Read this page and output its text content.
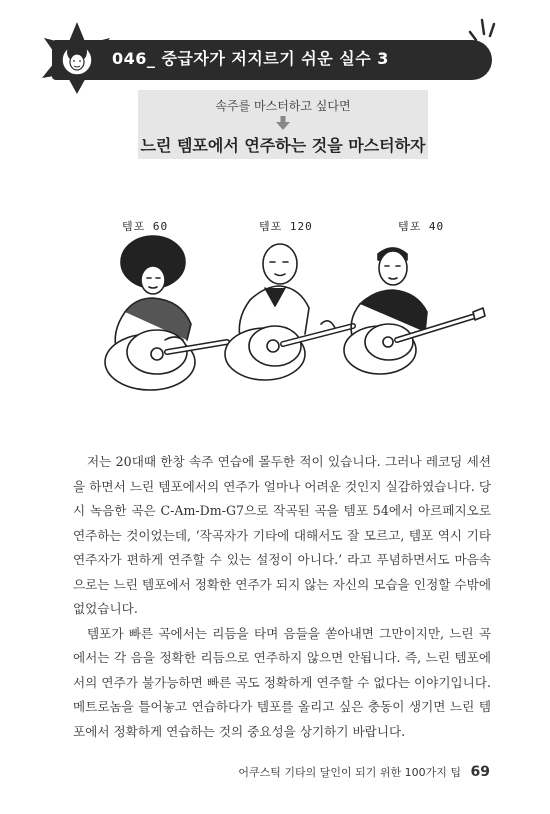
046_ 중급자가 저지르기 쉬운 실수 3
속주를 마스터하고 싶다면
느린 템포에서 연주하는 것을 마스터하자
템포 60	템포 120	템포 40

저는 20대때 한창 속주 연습에 몰두한 적이 있습니다. 그러나 레코딩 세션을 하면서 느린 템포에서의 연주가 얼마나 어려운 것인지 실감하였습니다. 당시 녹음한 곡은 C-Am-Dm-G7으로 작곡된 곡을 템포 54에서 아르페지오로 연주하는 것이었는데, ‘작곡자가 기타에 대해서도 잘 모르고, 템포 역시 기타 연주자가 편하게 연주할 수 있는 설정이 아니다.’ 라고 푸념하면서도 마음속으로는 느린 템포에서 정확한 연주가 되지 않는 자신의 모습을 인정할 수밖에 없었습니다.

템포가 빠른 곡에서는 리듬을 타며 음들을 쏟아내면 그만이지만, 느린 곡에서는 각 음을 정확한 리듬으로 연주하지 않으면 안됩니다. 즉, 느린 템포에서의 연주가 불가능하면 빠른 곡도 정확하게 연주할 수 없다는 이야기입니다. 메트로놈을 틀어놓고 연습하다가 템포를 올리고 싶은 충동이 생기면 느린 템포에서 정확하게 연습하는 것의 중요성을 상기하기 바랍니다.

어쿠스틱 기타의 달인이 되기 위한 100가지 팁 69
